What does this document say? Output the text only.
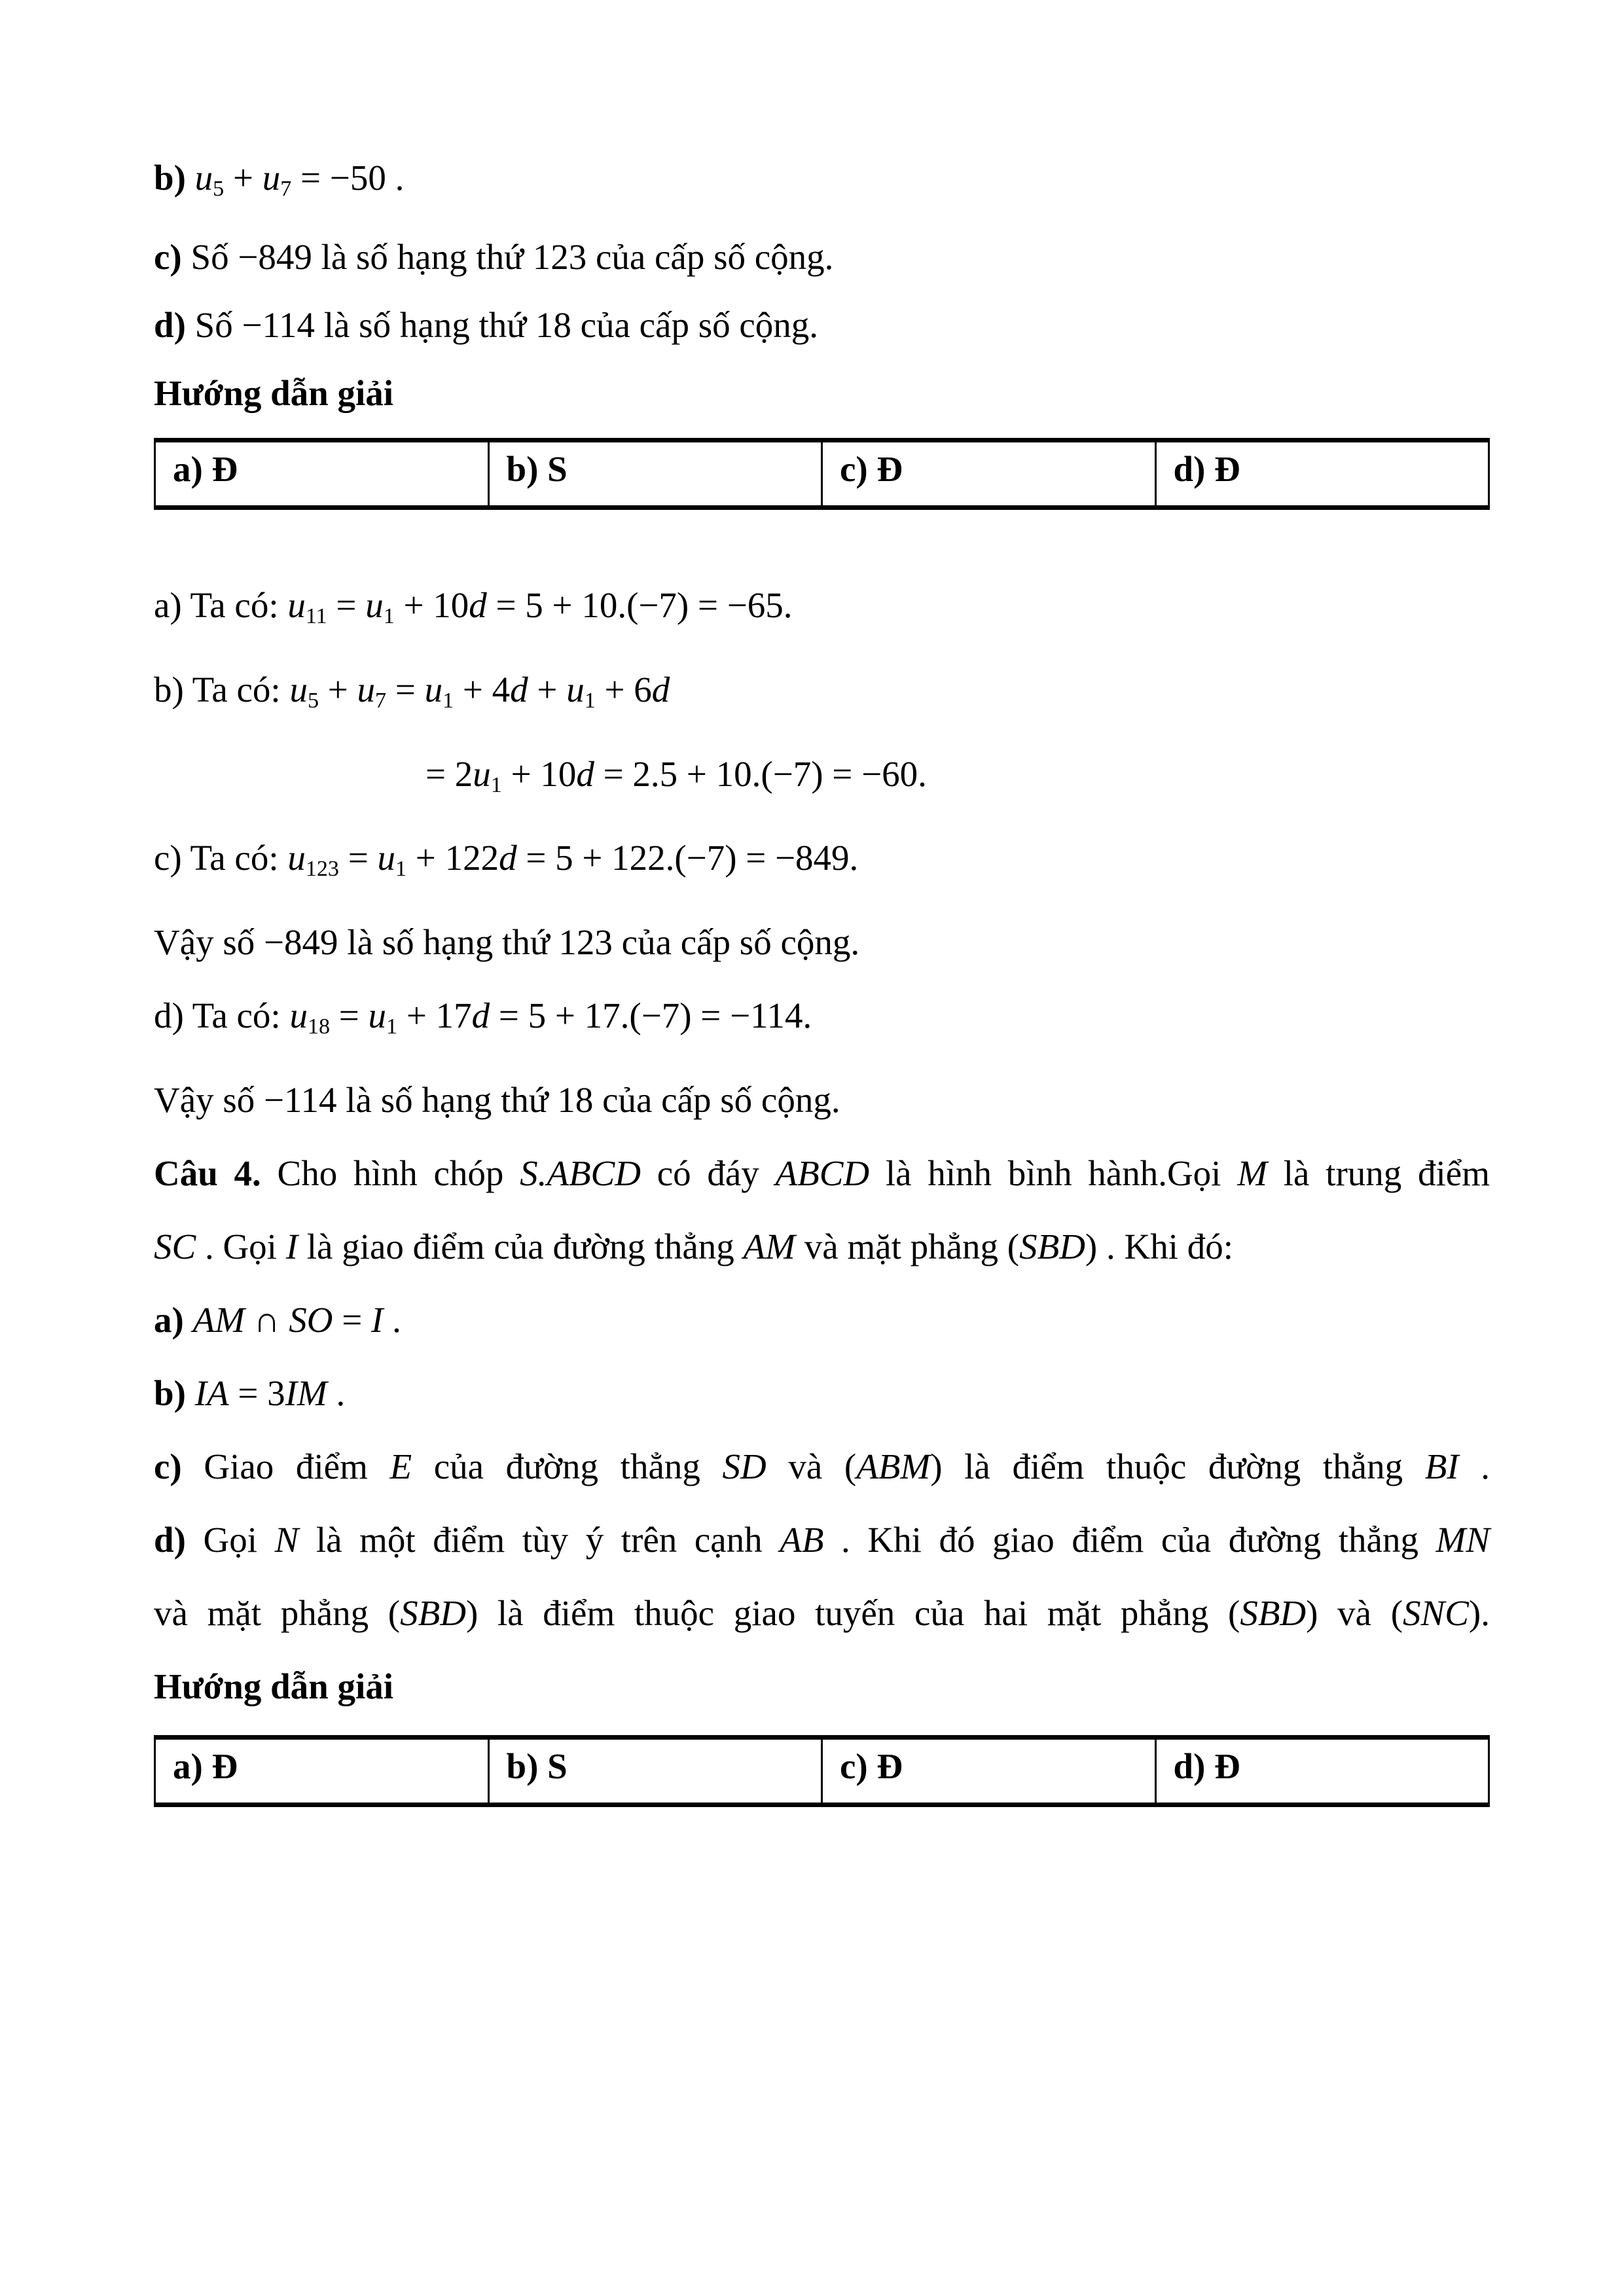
b) u5 + u7 = −50 .

c) Số −849 là số hạng thứ 123 của cấp số cộng.

d) Số −114 là số hạng thứ 18 của cấp số cộng.

Hướng dẫn giải

a) Đ	b) S	c) Đ	d) Đ

a) Ta có: u11 = u1 + 10d = 5 + 10.(−7) = −65.

b) Ta có: u5 + u7 = u1 + 4d + u1 + 6d

= 2u1 + 10d = 2.5 + 10.(−7) = −60.

c) Ta có: u123 = u1 + 122d = 5 + 122.(−7) = −849.

Vậy số −849 là số hạng thứ 123 của cấp số cộng.

d) Ta có: u18 = u1 + 17d = 5 + 17.(−7) = −114.

Vậy số −114 là số hạng thứ 18 của cấp số cộng.

Câu 4. Cho hình chóp S.ABCD có đáy ABCD là hình bình hành.Gọi M là trung điểm

SC . Gọi I là giao điểm của đường thẳng AM và mặt phẳng (SBD) . Khi đó:

a) AM ∩ SO = I .

b) IA = 3IM .

c) Giao điểm E của đường thẳng SD và (ABM) là điểm thuộc đường thẳng BI .

d) Gọi N là một điểm tùy ý trên cạnh AB . Khi đó giao điểm của đường thẳng MN

và mặt phẳng (SBD) là điểm thuộc giao tuyến của hai mặt phẳng (SBD) và (SNC).

Hướng dẫn giải

a) Đ	b) S	c) Đ	d) Đ
